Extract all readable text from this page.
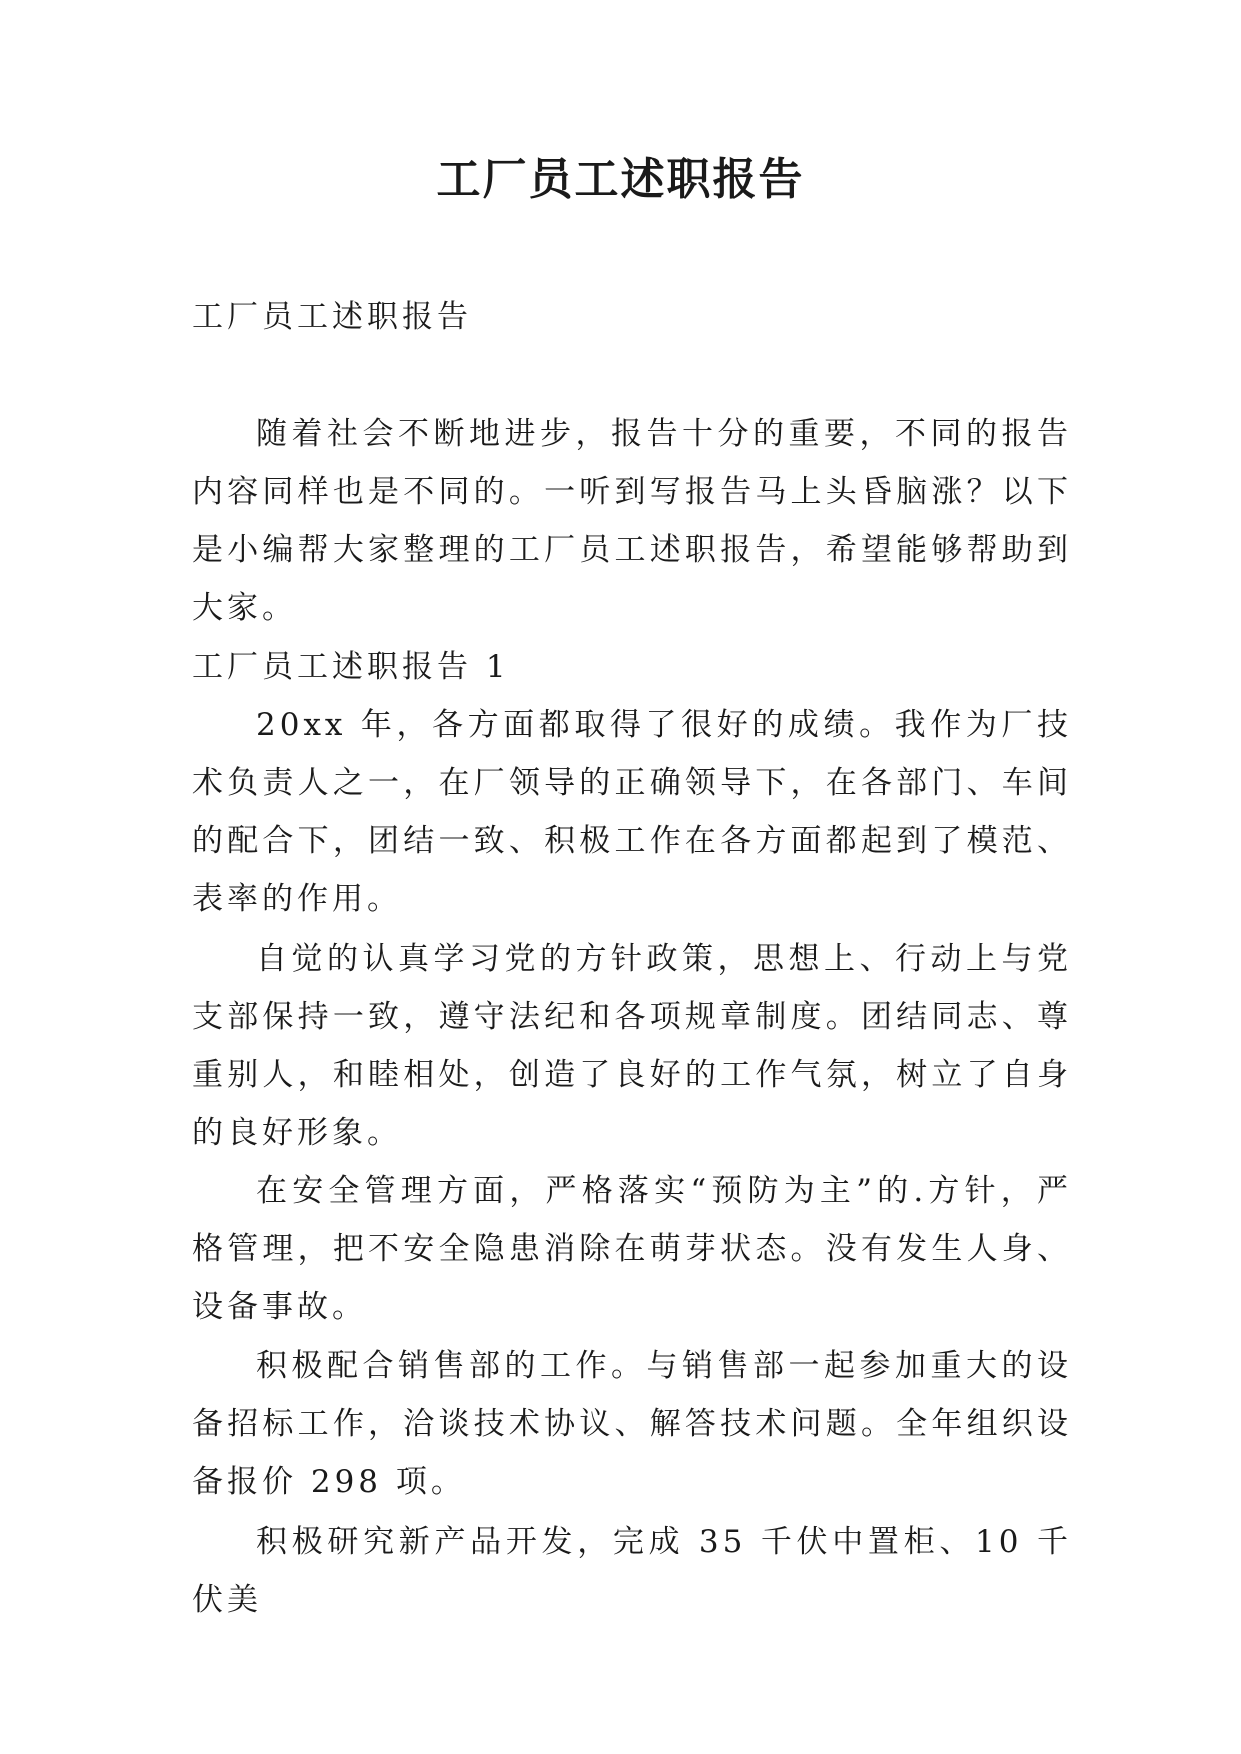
工厂员工述职报告

工厂员工述职报告

随着社会不断地进步，报告十分的重要，不同的报告内容同样也是不同的。一听到写报告马上头昏脑涨？以下是小编帮大家整理的工厂员工述职报告，希望能够帮助到大家。

工厂员工述职报告 1

20xx 年，各方面都取得了很好的成绩。我作为厂技术负责人之一，在厂领导的正确领导下，在各部门、车间的配合下，团结一致、积极工作在各方面都起到了模范、表率的作用。

自觉的认真学习党的方针政策，思想上、行动上与党支部保持一致，遵守法纪和各项规章制度。团结同志、尊重别人，和睦相处，创造了良好的工作气氛，树立了自身的良好形象。

在安全管理方面，严格落实“预防为主”的.方针，严格管理，把不安全隐患消除在萌芽状态。没有发生人身、设备事故。

积极配合销售部的工作。与销售部一起参加重大的设备招标工作，洽谈技术协议、解答技术问题。全年组织设备报价 298 项。

积极研究新产品开发，完成 35 千伏中置柜、10 千伏美
